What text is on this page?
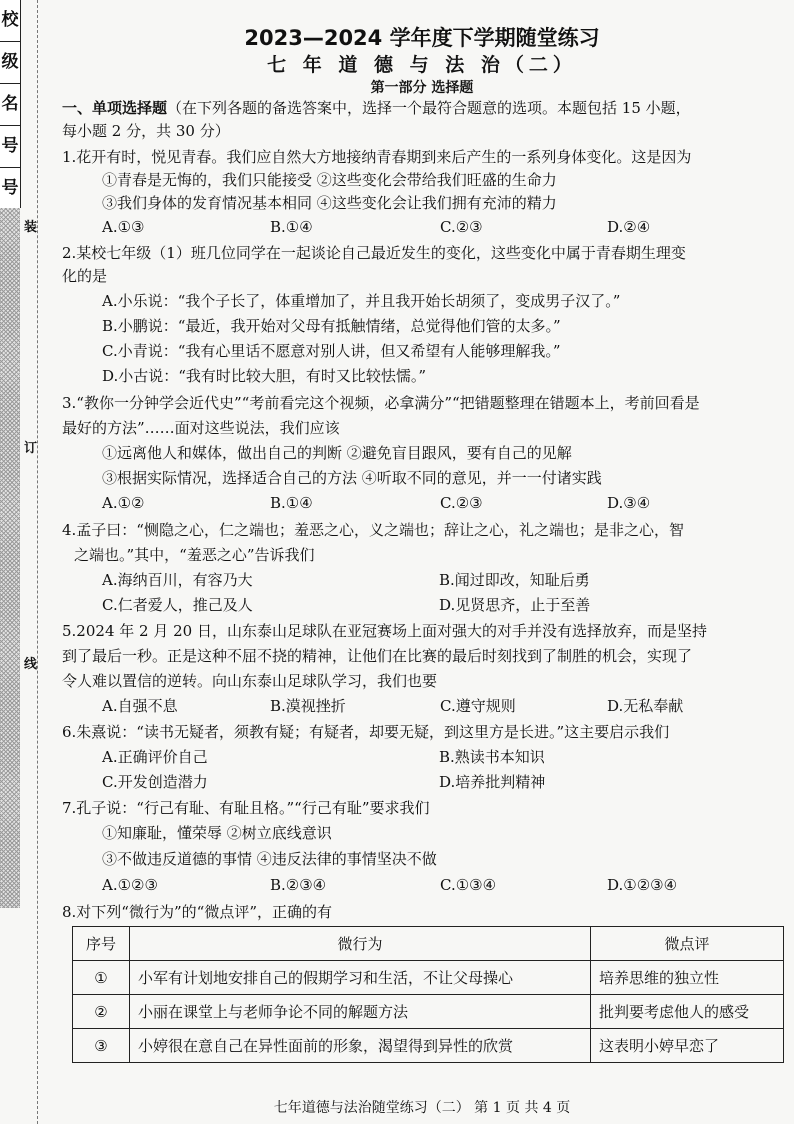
校
级
名
号
号
装
订
线
2023—2024 学年度下学期随堂练习
七 年 道 德 与 法 治（二）
第一部分 选择题
一、单项选择题（在下列各题的备选答案中，选择一个最符合题意的选项。本题包括 15 小题，
每小题 2 分，共 30 分）
1.花开有时，悦见青春。我们应自然大方地接纳青春期到来后产生的一系列身体变化。这是因为
①青春是无悔的，我们只能接受 ②这些变化会带给我们旺盛的生命力
③我们身体的发育情况基本相同 ④这些变化会让我们拥有充沛的精力
A.①③	B.①④	C.②③	D.②④
2.某校七年级（1）班几位同学在一起谈论自己最近发生的变化，这些变化中属于青春期生理变
化的是
A.小乐说：“我个子长了，体重增加了，并且我开始长胡须了，变成男子汉了。”
B.小鹏说：“最近，我开始对父母有抵触情绪，总觉得他们管的太多。”
C.小青说：“我有心里话不愿意对别人讲，但又希望有人能够理解我。”
D.小古说：“我有时比较大胆，有时又比较怯懦。”
3.“教你一分钟学会近代史”“考前看完这个视频，必拿满分”“把错题整理在错题本上，考前回看是
最好的方法”……面对这些说法，我们应该
①远离他人和媒体，做出自己的判断 ②避免盲目跟风，要有自己的见解
③根据实际情况，选择适合自己的方法 ④听取不同的意见，并一一付诸实践
A.①②	B.①④	C.②③	D.③④
4.孟子曰：“恻隐之心，仁之端也；羞恶之心，义之端也；辞让之心，礼之端也；是非之心，智
之端也。”其中，“羞恶之心”告诉我们
A.海纳百川，有容乃大	B.闻过即改，知耻后勇
C.仁者爱人，推己及人	D.见贤思齐，止于至善
5.2024 年 2 月 20 日，山东泰山足球队在亚冠赛场上面对强大的对手并没有选择放弃，而是坚持
到了最后一秒。正是这种不屈不挠的精神，让他们在比赛的最后时刻找到了制胜的机会，实现了
令人难以置信的逆转。向山东泰山足球队学习，我们也要
A.自强不息	B.漠视挫折	C.遵守规则	D.无私奉献
6.朱熹说：“读书无疑者，须教有疑；有疑者，却要无疑，到这里方是长进。”这主要启示我们
A.正确评价自己	B.熟读书本知识
C.开发创造潜力	D.培养批判精神
7.孔子说：“行己有耻、有耻且格。”“行己有耻”要求我们
①知廉耻，懂荣辱 ②树立底线意识
③不做违反道德的事情 ④违反法律的事情坚决不做
A.①②③	B.②③④	C.①③④	D.①②③④
8.对下列“微行为”的“微点评”，正确的有
序号	微行为	微点评
①	小军有计划地安排自己的假期学习和生活，不让父母操心	培养思维的独立性
②	小丽在课堂上与老师争论不同的解题方法	批判要考虑他人的感受
③	小婷很在意自己在异性面前的形象，渴望得到异性的欣赏	这表明小婷早恋了
七年道德与法治随堂练习（二） 第 1 页 共 4 页
